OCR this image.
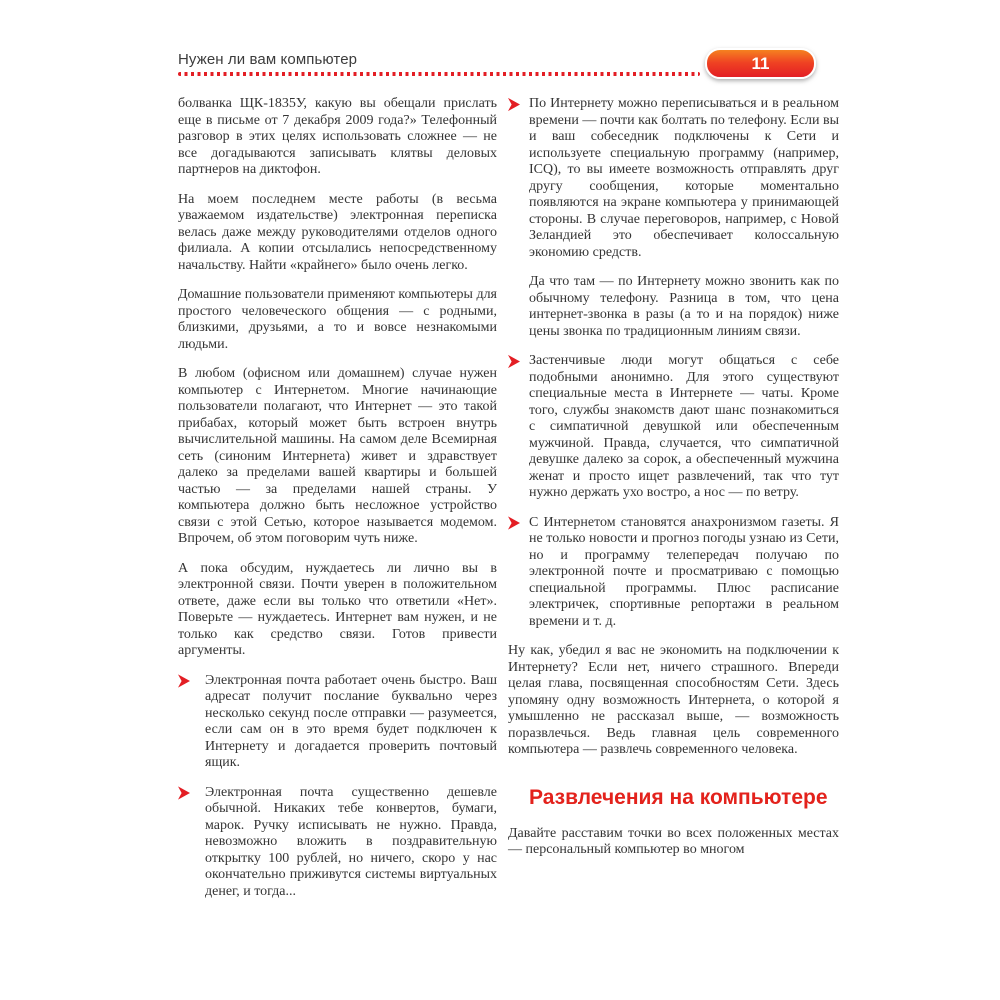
Нужен ли вам компьютер	11

болванка ЩК-1835У, какую вы обещали прислать еще в письме от 7 декабря 2009 года?» Телефонный разговор в этих целях использовать сложнее — не все догадываются записывать клятвы деловых партнеров на диктофон.

На моем последнем месте работы (в весьма уважаемом издательстве) электронная переписка велась даже между руководителями отделов одного филиала. А копии отсылались непосредственному начальству. Найти «крайнего» было очень легко.

Домашние пользователи применяют компьютеры для простого человеческого общения — с родными, близкими, друзьями, а то и вовсе незнакомыми людьми.

В любом (офисном или домашнем) случае нужен компьютер с Интернетом. Многие начинающие пользователи полагают, что Интернет — это такой прибабах, который может быть встроен внутрь вычислительной машины. На самом деле Всемирная сеть (синоним Интернета) живет и здравствует далеко за пределами вашей квартиры и большей частью — за пределами нашей страны. У компьютера должно быть несложное устройство связи с этой Сетью, которое называется модемом. Впрочем, об этом поговорим чуть ниже.

А пока обсудим, нуждаетесь ли лично вы в электронной связи. Почти уверен в положительном ответе, даже если вы только что ответили «Нет». Поверьте — нуждаетесь. Интернет вам нужен, и не только как средство связи. Готов привести аргументы.

Электронная почта работает очень быстро. Ваш адресат получит послание буквально через несколько секунд после отправки — разумеется, если сам он в это время будет подключен к Интернету и догадается проверить почтовый ящик.
Электронная почта существенно дешевле обычной. Никаких тебе конвертов, бумаги, марок. Ручку исписывать не нужно. Правда, невозможно вложить в поздравительную открытку 100 рублей, но ничего, скоро у нас окончательно приживутся системы виртуальных денег, и тогда...
По Интернету можно переписываться и в реальном времени — почти как болтать по телефону. Если вы и ваш собеседник подключены к Сети и используете специальную программу (например, ICQ), то вы имеете возможность отправлять друг другу сообщения, которые моментально появляются на экране компьютера у принимающей стороны. В случае переговоров, например, с Новой Зеландией это обеспечивает колоссальную экономию средств.

Да что там — по Интернету можно звонить как по обычному телефону. Разница в том, что цена интернет-звонка в разы (а то и на порядок) ниже цены звонка по традиционным линиям связи.

Застенчивые люди могут общаться с себе подобными анонимно. Для этого существуют специальные места в Интернете — чаты. Кроме того, службы знакомств дают шанс познакомиться с симпатичной девушкой или обеспеченным мужчиной. Правда, случается, что симпатичной девушке далеко за сорок, а обеспеченный мужчина женат и просто ищет развлечений, так что тут нужно держать ухо востро, а нос — по ветру.
С Интернетом становятся анахронизмом газеты. Я не только новости и прогноз погоды узнаю из Сети, но и программу телепередач получаю по электронной почте и просматриваю с помощью специальной программы. Плюс расписание электричек, спортивные репортажи в реальном времени и т. д.

Ну как, убедил я вас не экономить на подключении к Интернету? Если нет, ничего страшного. Впереди целая глава, посвященная способностям Сети. Здесь упомяну одну возможность Интернета, о которой я умышленно не рассказал выше, — возможность поразвлечься. Ведь главная цель современного компьютера — развлечь современного человека.

Развлечения на компьютере

Давайте расставим точки во всех положенных местах — персональный компьютер во многом
